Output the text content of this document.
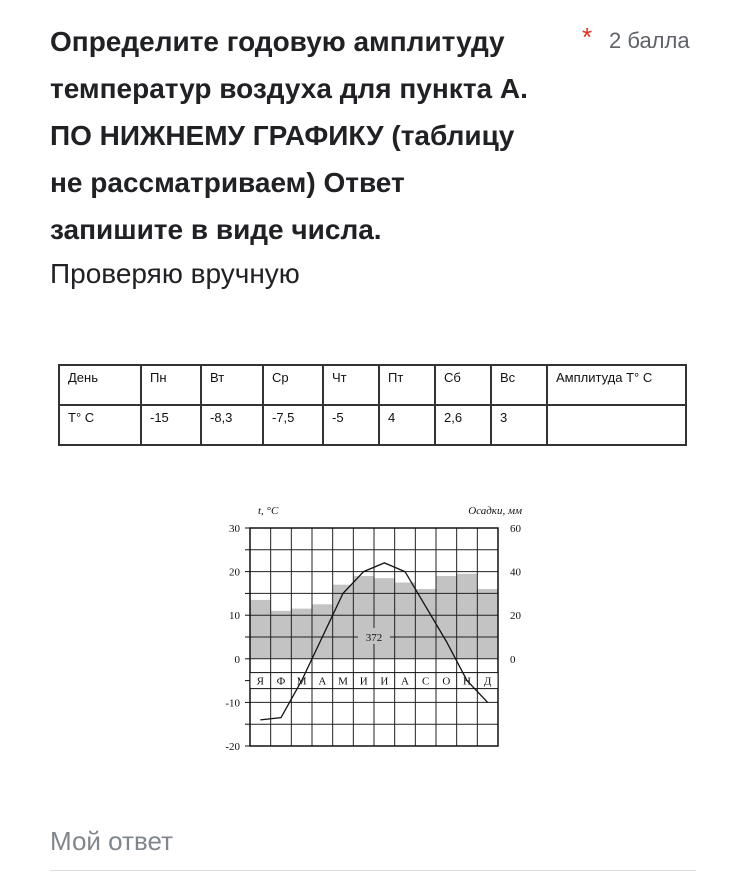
Определите годовую амплитуду
температур воздуха для пункта А.
ПО НИЖНЕМУ ГРАФИКУ (таблицу
не рассматриваем) Ответ
запишите в виде числа.
* 2 балла
Проверяю вручную
День	Пн	Вт	Ср	Чт	Пт	Сб	Вс	Амплитуда Т° С
Т° С	-15	-8,3	-7,5	-5	4	2,6	3	
Я Ф М А М И И А С О Н Д
372
30
20
10
0
-10
-20
60
40
20
0
t, °C	Осадки, мм
Мой ответ
